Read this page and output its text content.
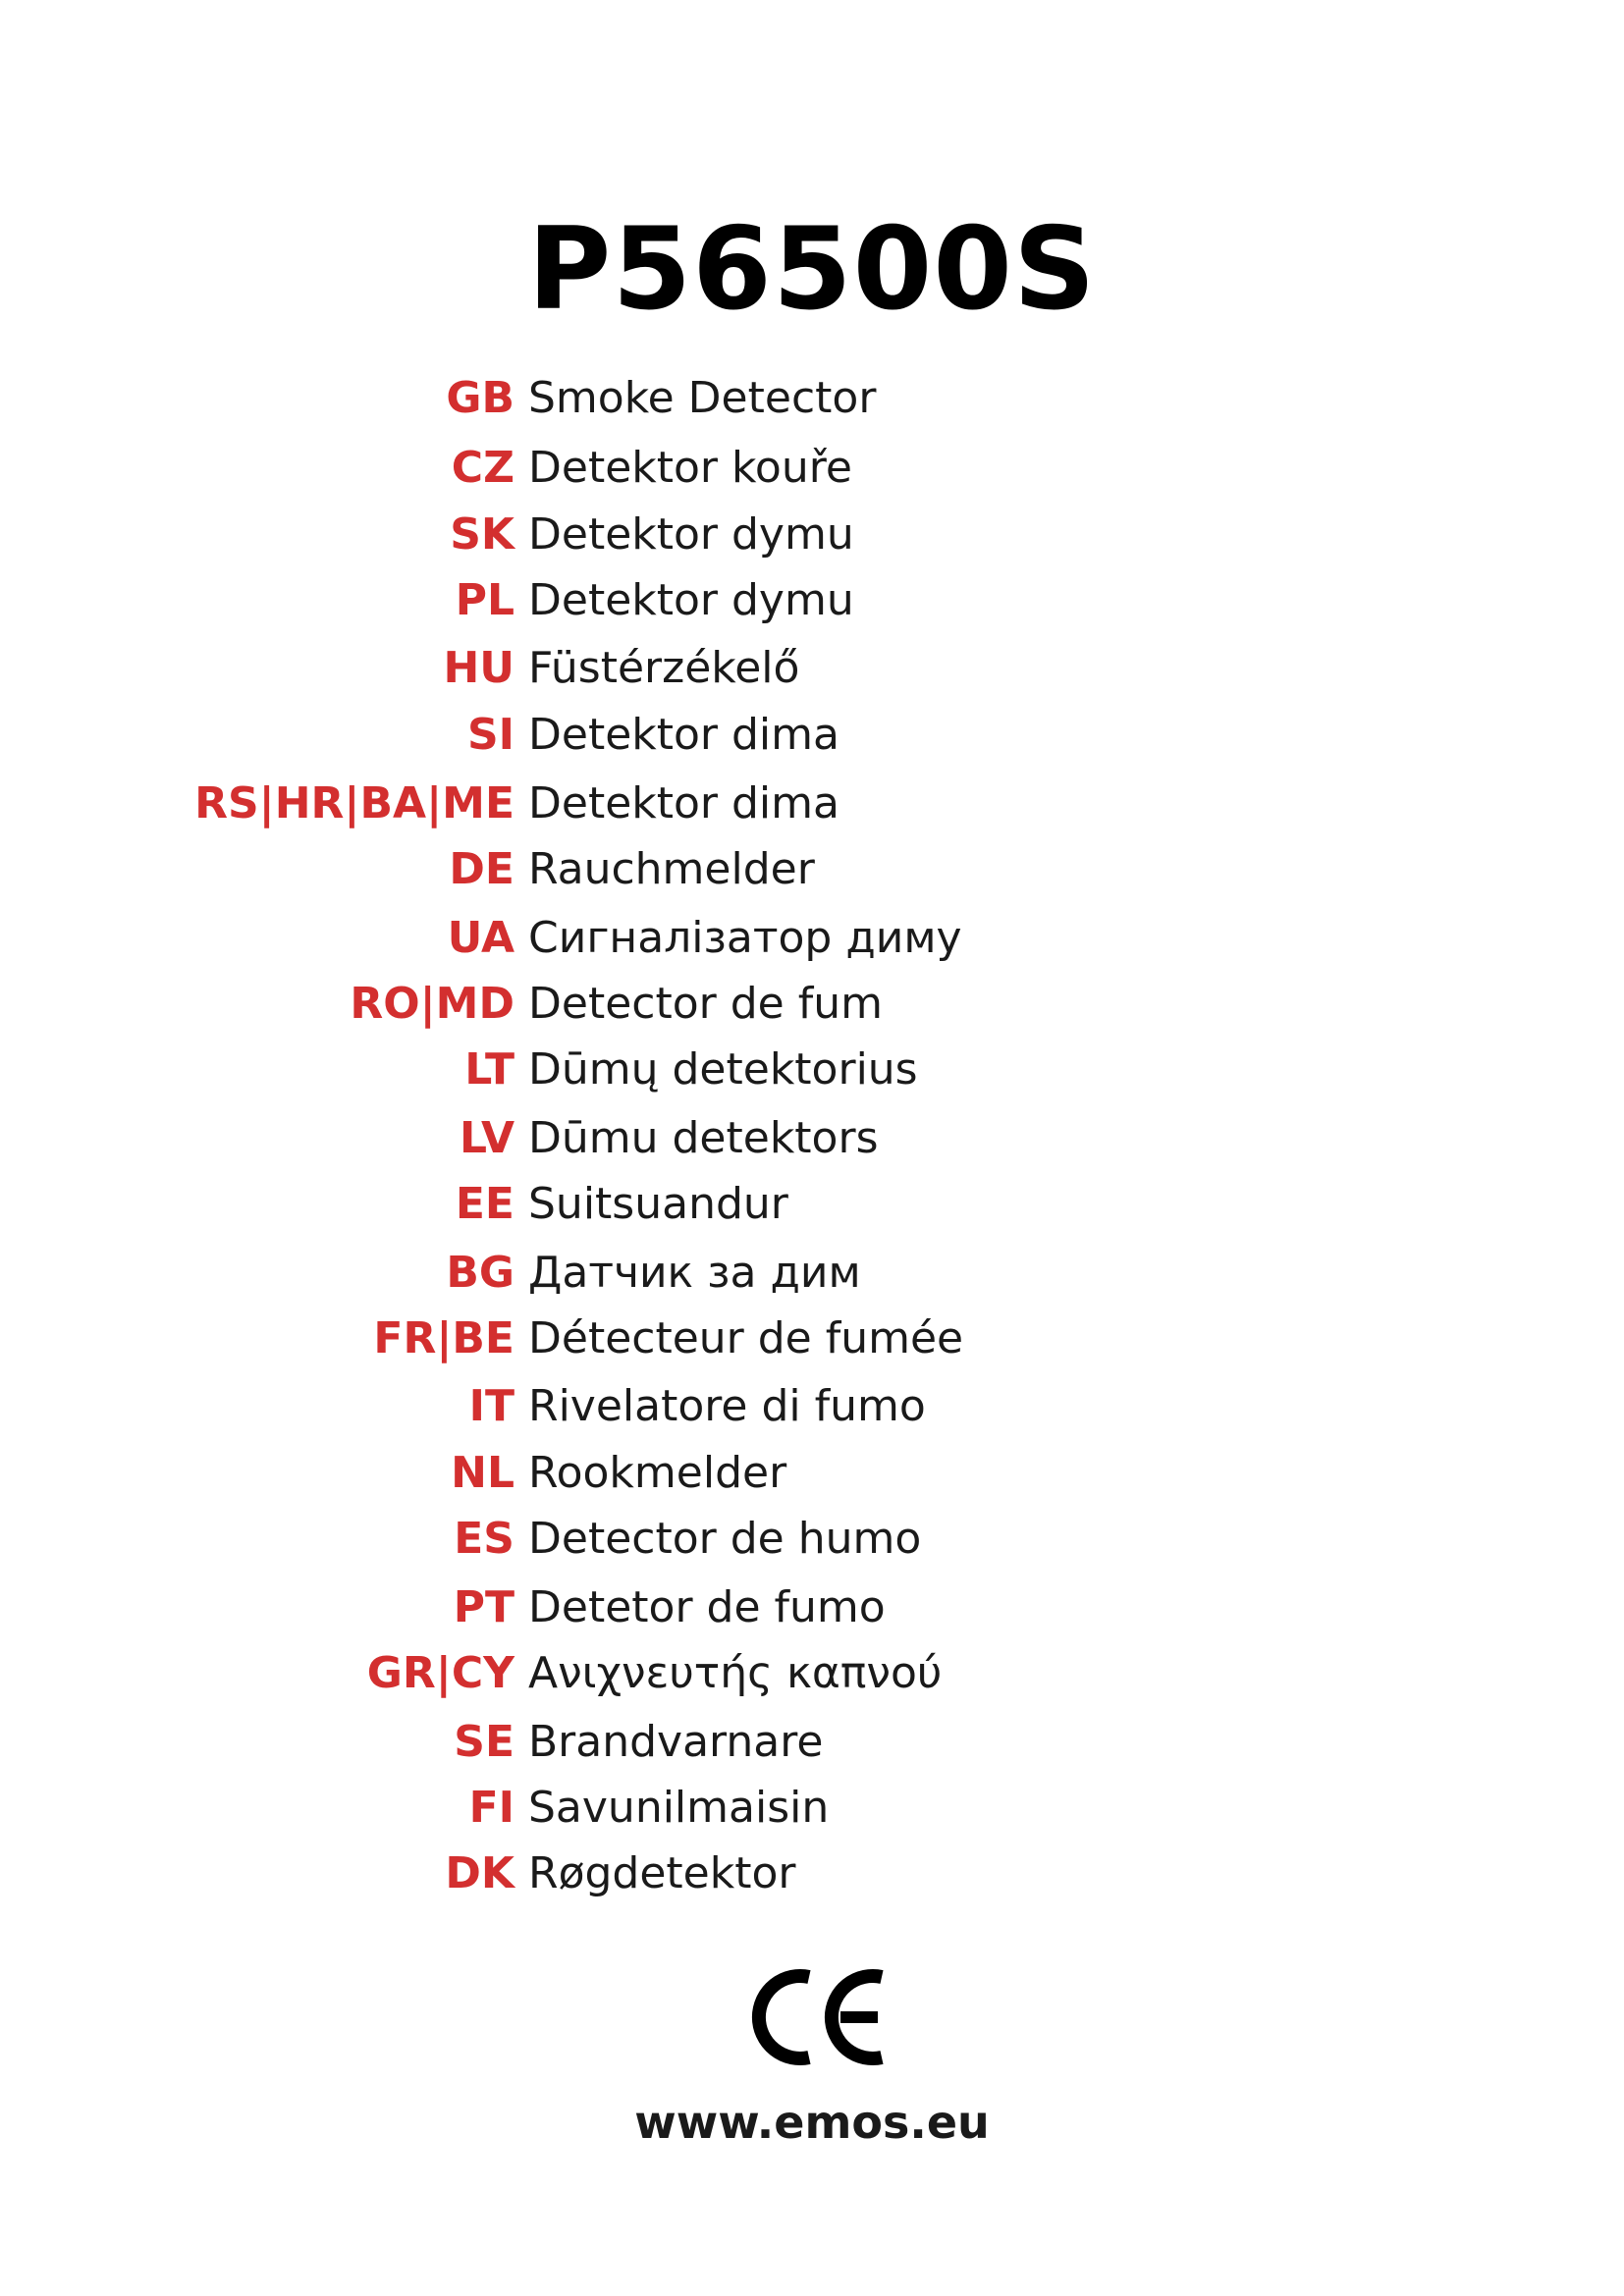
P56500S
GB Smoke Detector
CZ Detektor kouře
SK Detektor dymu
PL Detektor dymu
HU Füstérzékelő
SI Detektor dima
RS|HR|BA|ME Detektor dima
DE Rauchmelder
UA Сигналізатор диму
RO|MD Detector de fum
LT Dūmų detektorius
LV Dūmu detektors
EE Suitsuandur
BG Датчик за дим
FR|BE Détecteur de fumée
IT Rivelatore di fumo
NL Rookmelder
ES Detector de humo
PT Detetor de fumo
GR|CY Ανιχνευτής καπνού
SE Brandvarnare
FI Savunilmaisin
DK Røgdetektor
www.emos.eu
